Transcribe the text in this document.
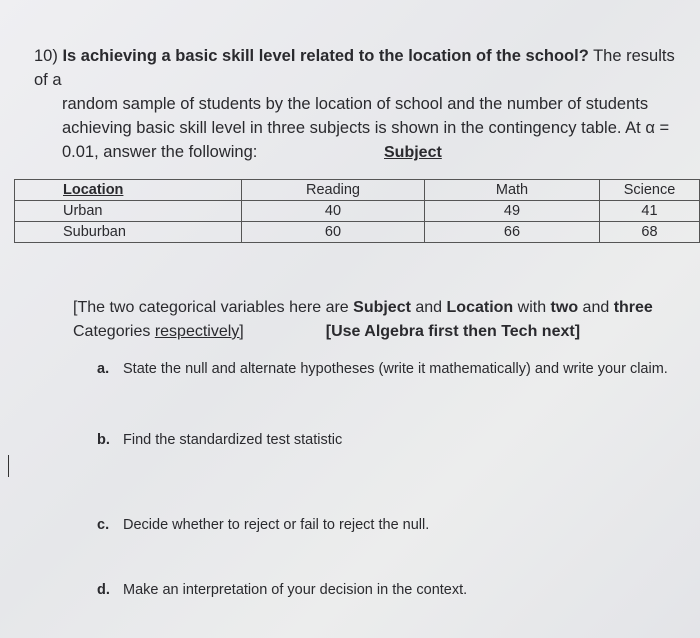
10) Is achieving a basic skill level related to the location of the school? The results of a
random sample of students by the location of school and the number of students
achieving basic skill level in three subjects is shown in the contingency table. At α =
0.01, answer the following:	Subject
Location	Reading	Math	Science
Urban	40	49	41
Suburban	60	66	68
[The two categorical variables here are Subject and Location with two and three
Categories respectively]	[Use Algebra first then Tech next]
a. State the null and alternate hypotheses (write it mathematically) and write your claim.
b. Find the standardized test statistic
c. Decide whether to reject or fail to reject the null.
d. Make an interpretation of your decision in the context.
